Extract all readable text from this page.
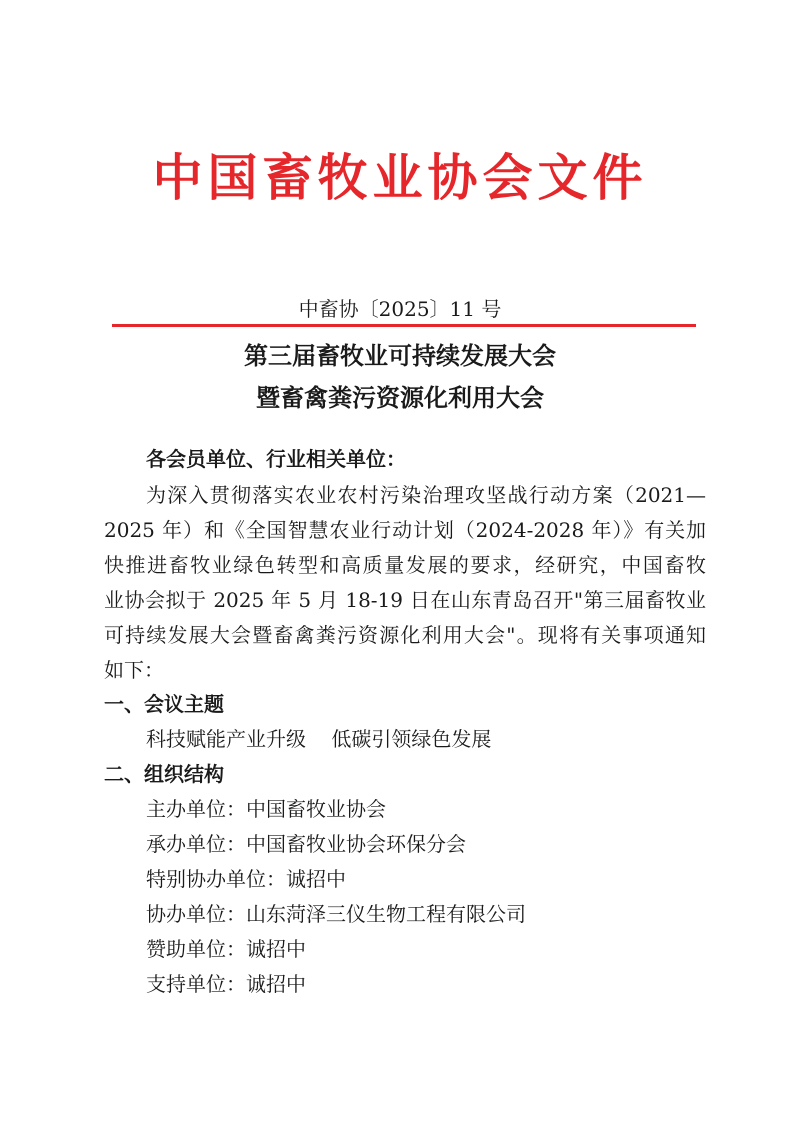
中国畜牧业协会文件
中畜协〔2025〕11 号
第三届畜牧业可持续发展大会
暨畜禽粪污资源化利用大会
各会员单位、行业相关单位：
为深入贯彻落实农业农村污染治理攻坚战行动方案（2021—
2025 年）和《全国智慧农业行动计划（2024-2028 年）》有关加
快推进畜牧业绿色转型和高质量发展的要求，经研究，中国畜牧
业协会拟于 2025 年 5 月 18-19 日在山东青岛召开"第三届畜牧业
可持续发展大会暨畜禽粪污资源化利用大会"。现将有关事项通知
如下：
一、会议主题
科技赋能产业升级    低碳引领绿色发展
二、组织结构
主办单位：中国畜牧业协会
承办单位：中国畜牧业协会环保分会
特别协办单位：诚招中
协办单位：山东菏泽三仪生物工程有限公司
赞助单位：诚招中
支持单位：诚招中
